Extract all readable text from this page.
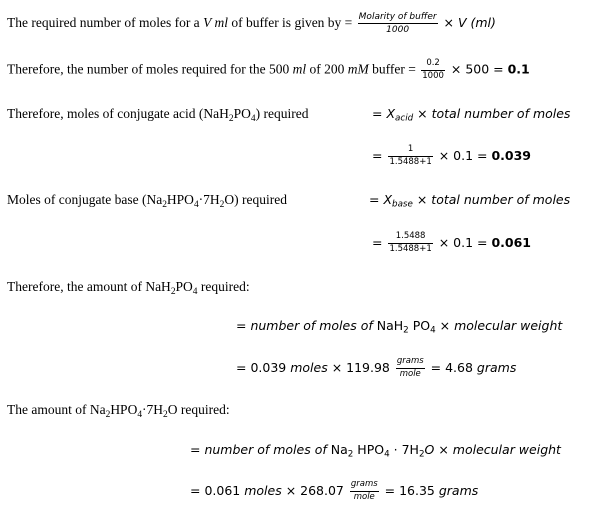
The required number of moles for a V ml of buffer is given by = $\frac{\text{Molarity of buffer}}{1000} \times V$ (ml)
Therefore, the number of moles required for the 500 ml of 200 mM buffer = $\frac{0.2}{1000} \times 500 = 0.1$
Therefore, moles of conjugate acid $(NaH_2PO_4)$ required	= $X_{acid}$ × total number of moles
= $\frac{1}{1.5488+1} \times 0.1 = 0.039$
Moles of conjugate base $(Na_2HPO_4\cdot 7H_2O)$ required	= $X_{base}$ × total number of moles
= $\frac{1.5488}{1.5488+1} \times 0.1 = 0.061$
Therefore, the amount of $NaH_2PO_4$ required:
= number of moles of NaH$_2$ $PO_4$ × molecular weight
= 0.039 moles × $119.98 \frac{\text{grams}}{\text{mole}} = 4.68$ grams
The amount of $Na_2HPO_4\cdot 7H_2O$ required:
= number of moles of $Na_2$ $HPO_4 \cdot 7H_2O$ × molecular weight
= 0.061 moles × $268.07 \frac{\text{grams}}{\text{mole}} = 16.35$ grams
